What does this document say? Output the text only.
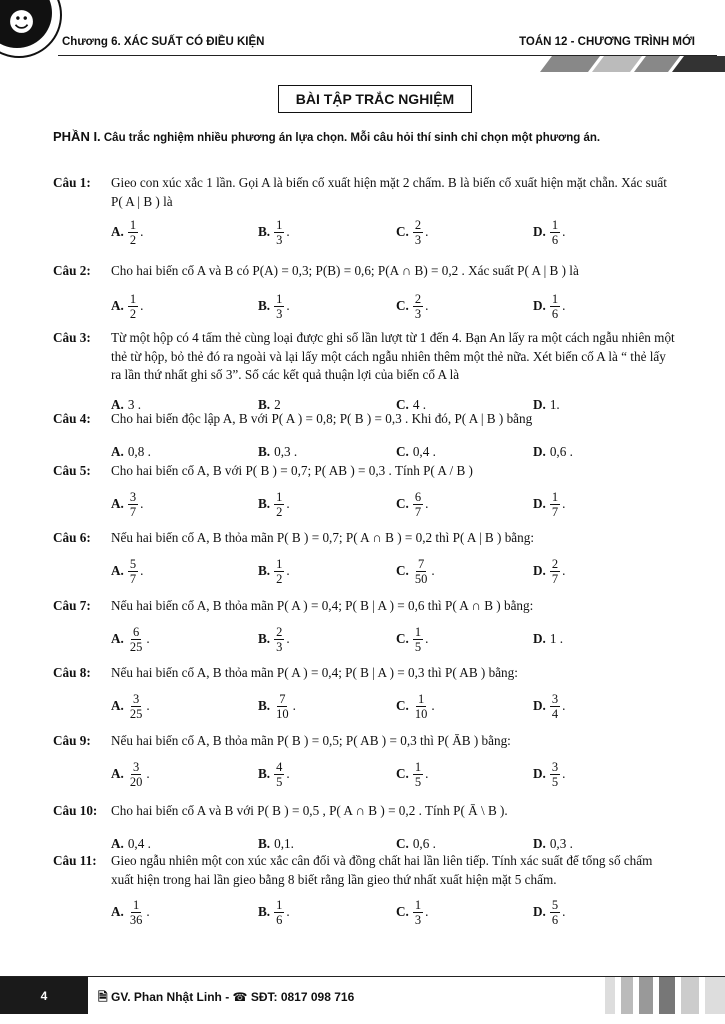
☻
Chương 6. XÁC SUẤT CÓ ĐIỀU KIỆN	TOÁN 12 - CHƯƠNG TRÌNH MỚI
BÀI TẬP TRẮC NGHIỆM
PHẦN I. Câu trắc nghiệm nhiều phương án lựa chọn. Mỗi câu hỏi thí sinh chỉ chọn một phương án.
Câu 1: Gieo con xúc xắc 1 lần. Gọi A là biến cố xuất hiện mặt 2 chấm. B là biến cố xuất hiện mặt chẵn. Xác suất P( A | B ) là
A. $\frac{1}{2}$ .	B. $\frac{1}{3}$ .	C. $\frac{2}{3}$ .	D. $\frac{1}{6}$ .
Câu 2: Cho hai biến cố A và B có P(A) = 0,3; P(B) = 0,6; P(A ∩ B) = 0,2 . Xác suất P( A | B ) là
A. $\frac{1}{2}$ .	B. $\frac{1}{3}$ .	C. $\frac{2}{3}$ .	D. $\frac{1}{6}$ .
Câu 3: Từ một hộp có 4 tấm thẻ cùng loại được ghi số lần lượt từ 1 đến 4. Bạn An lấy ra một cách ngẫu nhiên một thẻ từ hộp, bỏ thẻ đó ra ngoài và lại lấy một cách ngẫu nhiên thêm một thẻ nữa. Xét biến cố A là “ thẻ lấy ra lần thứ nhất ghi số 3”. Số các kết quả thuận lợi của biến cố A là
A. 3 .	B. 2	C. 4 .	D. 1.
Câu 4: Cho hai biến độc lập A, B với P( A ) = 0,8; P( B ) = 0,3 . Khi đó, P( A | B ) bằng
A. 0,8 .	B. 0,3 .	C. 0,4 .	D. 0,6 .
Câu 5: Cho hai biến cố A, B với P( B ) = 0,7; P( AB ) = 0,3 . Tính P( A / B )
A. $\frac{3}{7}$ .	B. $\frac{1}{2}$ .	C. $\frac{6}{7}$ .	D. $\frac{1}{7}$ .
Câu 6: Nếu hai biến cố A, B thỏa mãn P( B ) = 0,7; P( A ∩ B ) = 0,2 thì P( A | B ) bằng:
A. $\frac{5}{7}$ .	B. $\frac{1}{2}$ .	C. $\frac{7}{50}$ .	D. $\frac{2}{7}$ .
Câu 7: Nếu hai biến cố A, B thỏa mãn P( A ) = 0,4; P( B | A ) = 0,6 thì P( A ∩ B ) bằng:
A. $\frac{6}{25}$ .	B. $\frac{2}{3}$ .	C. $\frac{1}{5}$ .	D. 1 .
Câu 8: Nếu hai biến cố A, B thỏa mãn P( A ) = 0,4; P( B | A ) = 0,3 thì P( AB ) bằng:
A. $\frac{3}{25}$ .	B. $\frac{7}{10}$ .	C. $\frac{1}{10}$ .	D. $\frac{3}{4}$ .
Câu 9: Nếu hai biến cố A, B thỏa mãn P( B ) = 0,5; P( AB ) = 0,3 thì P( ĀB ) bằng:
A. $\frac{3}{20}$ .	B. $\frac{4}{5}$ .	C. $\frac{1}{5}$ .	D. $\frac{3}{5}$ .
Câu 10: Cho hai biến cố A và B với P( B ) = 0,5 , P( A ∩ B ) = 0,2 . Tính P( Ā \ B ).
A. 0,4 .	B. 0,1.	C. 0,6 .	D. 0,3 .
Câu 11: Gieo ngẫu nhiên một con xúc xắc cân đối và đồng chất hai lần liên tiếp. Tính xác suất để tổng số chấm xuất hiện trong hai lần gieo bằng 8 biết rằng lần gieo thứ nhất xuất hiện mặt 5 chấm.
A. $\frac{1}{36}$ .	B. $\frac{1}{6}$ .	C. $\frac{1}{3}$ .	D. $\frac{5}{6}$ .
4	🗎 GV. Phan Nhật Linh - ☎ SĐT: 0817 098 716
